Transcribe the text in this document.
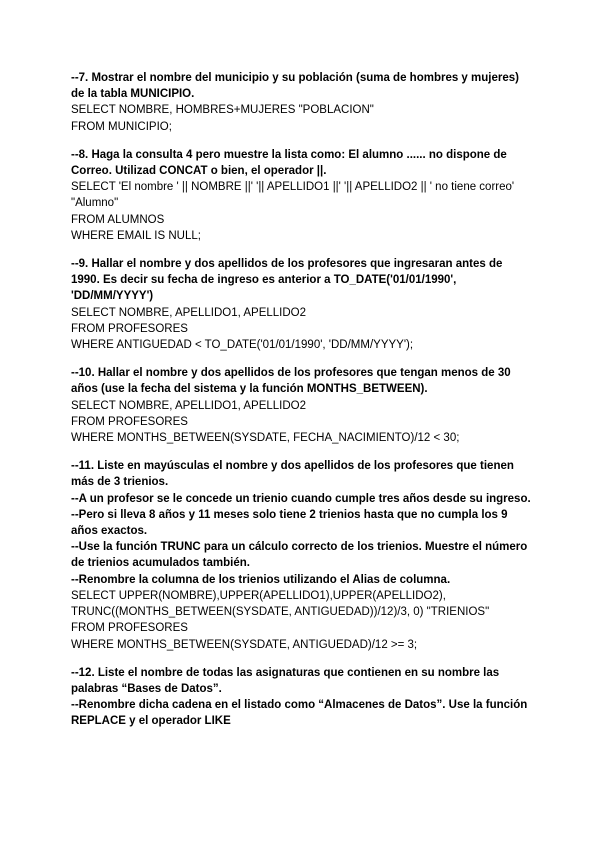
--7. Mostrar el nombre del municipio y su población (suma de hombres y mujeres) de la tabla MUNICIPIO.
SELECT NOMBRE, HOMBRES+MUJERES "POBLACION"
FROM MUNICIPIO;
--8. Haga la consulta 4 pero muestre la lista como: El alumno ...... no dispone de Correo. Utilizad CONCAT o bien, el operador ||.
SELECT 'El nombre ' || NOMBRE ||' '|| APELLIDO1 ||' '|| APELLIDO2 || ' no tiene correo'
"Alumno"
FROM ALUMNOS
WHERE EMAIL IS NULL;
--9. Hallar el nombre y dos apellidos de los profesores que ingresaran antes de 1990. Es decir su fecha de ingreso es anterior a TO_DATE('01/01/1990', 'DD/MM/YYYY')
SELECT NOMBRE, APELLIDO1, APELLIDO2
FROM PROFESORES
WHERE ANTIGUEDAD < TO_DATE('01/01/1990', 'DD/MM/YYYY');
--10. Hallar el nombre y dos apellidos de los profesores que tengan menos de 30 años (use la fecha del sistema y la función MONTHS_BETWEEN).
SELECT NOMBRE, APELLIDO1, APELLIDO2
FROM PROFESORES
WHERE MONTHS_BETWEEN(SYSDATE, FECHA_NACIMIENTO)/12 < 30;
--11. Liste en mayúsculas el nombre y dos apellidos de los profesores que tienen más de 3 trienios.
--A un profesor se le concede un trienio cuando cumple tres años desde su ingreso.
--Pero si lleva 8 años y 11 meses solo tiene 2 trienios hasta que no cumpla los 9 años exactos.
--Use la función TRUNC para un cálculo correcto de los trienios. Muestre el número de trienios acumulados también.
--Renombre la columna de los trienios utilizando el Alias de columna.
SELECT UPPER(NOMBRE),UPPER(APELLIDO1),UPPER(APELLIDO2),
TRUNC((MONTHS_BETWEEN(SYSDATE, ANTIGUEDAD))/12)/3, 0) "TRIENIOS"
FROM PROFESORES
WHERE MONTHS_BETWEEN(SYSDATE, ANTIGUEDAD)/12 >= 3;
--12. Liste el nombre de todas las asignaturas que contienen en su nombre las palabras “Bases de Datos”.
--Renombre dicha cadena en el listado como “Almacenes de Datos”. Use la función REPLACE y el operador LIKE
